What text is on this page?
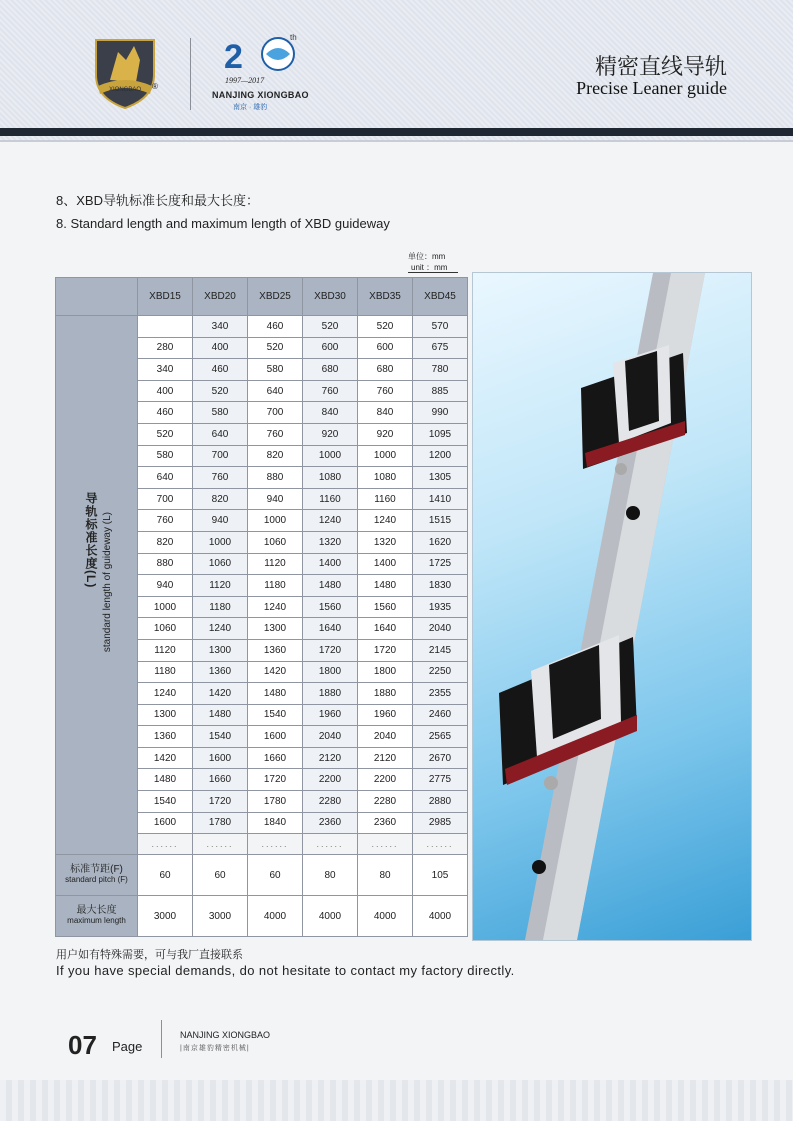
XIONGBAO ®
2
th
1997—2017
NANJING XIONGBAO
南京 · 雄豹
精密直线导轨
Precise Leaner guide
8、XBD导轨标准长度和最大长度：
8. Standard length and maximum length of XBD guideway
单位：mm
unit ：mm
	XBD15	XBD20	XBD25	XBD30	XBD35	XBD45

导轨标准长度(L) standard length of guideway (L)		340	460	520	520	570
	280	400	520	600	600	675
	340	460	580	680	680	780
	400	520	640	760	760	885
	460	580	700	840	840	990
	520	640	760	920	920	1095
	580	700	820	1000	1000	1200
	640	760	880	1080	1080	1305
	700	820	940	1160	1160	1410
	760	940	1000	1240	1240	1515
	820	1000	1060	1320	1320	1620
	880	1060	1120	1400	1400	1725
	940	1120	1180	1480	1480	1830
	1000	1180	1240	1560	1560	1935
	1060	1240	1300	1640	1640	2040
	1120	1300	1360	1720	1720	2145
	1180	1360	1420	1800	1800	2250
	1240	1420	1480	1880	1880	2355
	1300	1480	1540	1960	1960	2460
	1360	1540	1600	2040	2040	2565
	1420	1600	1660	2120	2120	2670
	1480	1660	1720	2200	2200	2775
	1540	1720	1780	2280	2280	2880
	1600	1780	1840	2360	2360	2985
	......	......	......	......	......	......
标准节距(F)
standard pitch (F)	60	60	60	80	80	105
最大长度
maximum length	3000	3000	4000	4000	4000	4000
用户如有特殊需要，可与我厂直接联系
If you have special demands, do not hesitate to contact my factory directly.
07 Page
NANJING XIONGBAO
|南京雄豹精密机械|
